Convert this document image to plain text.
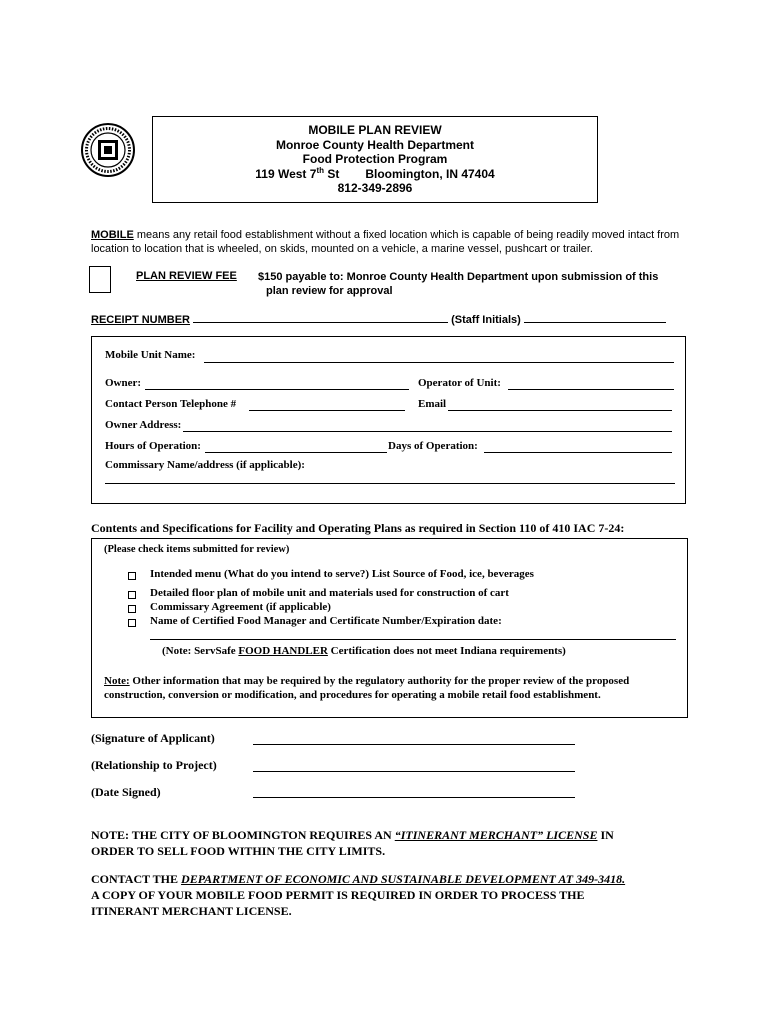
MOBILE PLAN REVIEW
Monroe County Health Department
Food Protection Program
119 West 7th St Bloomington, IN 47404
812-349-2896
MOBILE means any retail food establishment without a fixed location which is capable of being readily moved intact from location to location that is wheeled, on skids, mounted on a vehicle, a marine vessel, pushcart or trailer.
PLAN REVIEW FEE $150 payable to: Monroe County Health Department upon submission of this
plan review for approval
RECEIPT NUMBER	(Staff Initials)
Mobile Unit Name:
Owner:	Operator of Unit:
Contact Person Telephone #	Email
Owner Address:
Hours of Operation:	Days of Operation:
Commissary Name/address (if applicable):
Contents and Specifications for Facility and Operating Plans as required in Section 110 of 410 IAC 7-24:
(Please check items submitted for review)
Intended menu (What do you intend to serve?) List Source of Food, ice, beverages
Detailed floor plan of mobile unit and materials used for construction of cart
Commissary Agreement (if applicable)
Name of Certified Food Manager and Certificate Number/Expiration date:
(Note: ServSafe FOOD HANDLER Certification does not meet Indiana requirements)
Note: Other information that may be required by the regulatory authority for the proper review of the proposed
construction, conversion or modification, and procedures for operating a mobile retail food establishment.
(Signature of Applicant)
(Relationship to Project)
(Date Signed)
NOTE: THE CITY OF BLOOMINGTON REQUIRES AN “ITINERANT MERCHANT” LICENSE IN ORDER TO SELL FOOD WITHIN THE CITY LIMITS.
CONTACT THE DEPARTMENT OF ECONOMIC AND SUSTAINABLE DEVELOPMENT AT 349-3418.
A COPY OF YOUR MOBILE FOOD PERMIT IS REQUIRED IN ORDER TO PROCESS THE ITINERANT MERCHANT LICENSE.
